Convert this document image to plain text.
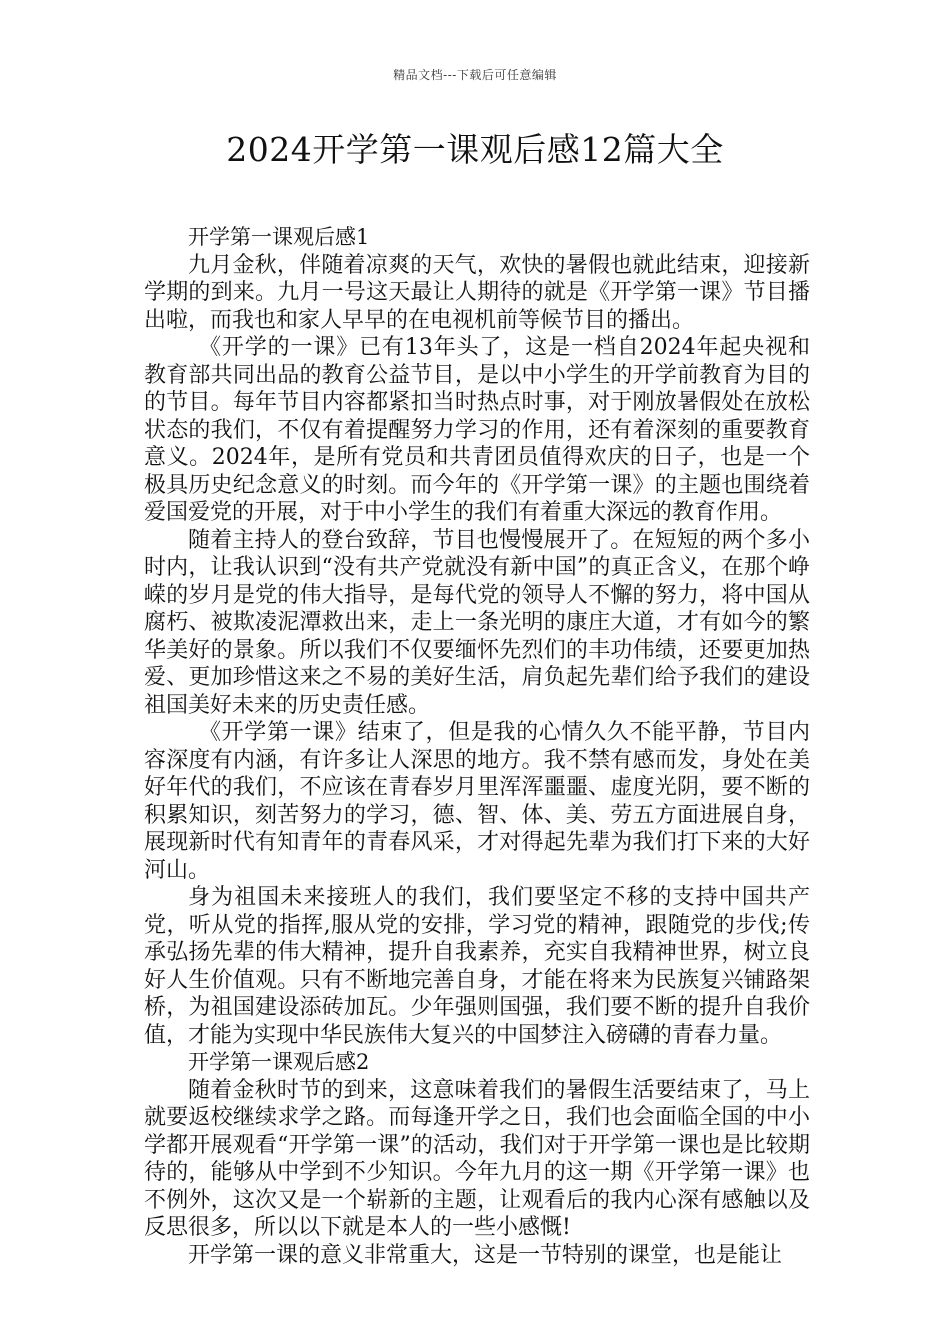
精品文档---下载后可任意编辑
2024开学第一课观后感12篇大全

开学第一课观后感1

九月金秋，伴随着凉爽的天气，欢快的暑假也就此结束，迎接新学期的到来。九月一号这天最让人期待的就是《开学第一课》节目播出啦，而我也和家人早早的在电视机前等候节目的播出。

《开学的一课》已有13年头了，这是一档自2024年起央视和教育部共同出品的教育公益节目，是以中小学生的开学前教育为目的的节目。每年节目内容都紧扣当时热点时事，对于刚放暑假处在放松状态的我们，不仅有着提醒努力学习的作用，还有着深刻的重要教育意义。2024年，是所有党员和共青团员值得欢庆的日子，也是一个极具历史纪念意义的时刻。而今年的《开学第一课》的主题也围绕着爱国爱党的开展，对于中小学生的我们有着重大深远的教育作用。

随着主持人的登台致辞，节目也慢慢展开了。在短短的两个多小时内，让我认识到“没有共产党就没有新中国”的真正含义，在那个峥嵘的岁月是党的伟大指导，是每代党的领导人不懈的努力，将中国从腐朽、被欺凌泥潭救出来，走上一条光明的康庄大道，才有如今的繁华美好的景象。所以我们不仅要缅怀先烈们的丰功伟绩，还要更加热爱、更加珍惜这来之不易的美好生活，肩负起先辈们给予我们的建设祖国美好未来的历史责任感。

《开学第一课》结束了，但是我的心情久久不能平静，节目内容深度有内涵，有许多让人深思的地方。我不禁有感而发，身处在美好年代的我们，不应该在青春岁月里浑浑噩噩、虚度光阴，要不断的积累知识，刻苦努力的学习，德、智、体、美、劳五方面进展自身，展现新时代有知青年的青春风采，才对得起先辈为我们打下来的大好河山。

身为祖国未来接班人的我们，我们要坚定不移的支持中国共产党，听从党的指挥,服从党的安排，学习党的精神，跟随党的步伐;传承弘扬先辈的伟大精神，提升自我素养，充实自我精神世界，树立良好人生价值观。只有不断地完善自身，才能在将来为民族复兴铺路架桥，为祖国建设添砖加瓦。少年强则国强，我们要不断的提升自我价值，才能为实现中华民族伟大复兴的中国梦注入磅礴的青春力量。

开学第一课观后感2

随着金秋时节的到来，这意味着我们的暑假生活要结束了，马上就要返校继续求学之路。而每逢开学之日，我们也会面临全国的中小学都开展观看“开学第一课”的活动，我们对于开学第一课也是比较期待的，能够从中学到不少知识。今年九月的这一期《开学第一课》也不例外，这次又是一个崭新的主题，让观看后的我内心深有感触以及反思很多，所以以下就是本人的一些小感慨!

开学第一课的意义非常重大，这是一节特别的课堂，也是能让
